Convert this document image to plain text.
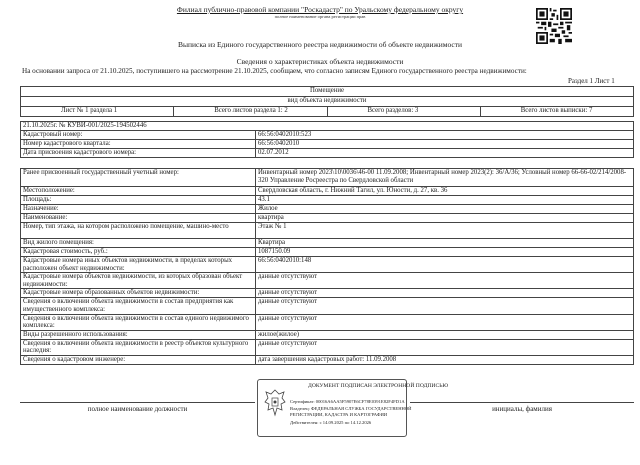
Филиал публично-правовой компании "Роскадастр" по Уральскому федеральному округу
полное наименование органа регистрации прав
Выписка из Единого государственного реестра недвижимости об объекте недвижимости
Сведения о характеристиках объекта недвижимости
На основании запроса от 21.10.2025, поступившего на рассмотрение 21.10.2025, сообщаем, что согласно записям Единого государственного реестра недвижимости:
Раздел 1 Лист 1
Помещение
вид объекта недвижимости
Лист № 1 раздела 1	Всего листов раздела 1: 2	Всего разделов: 3	Всего листов выписки: 7
21.10.2025г. № КУВИ-001/2025-194502446	
Кадастровый номер:	66:56:0402010:523
Номер кадастрового квартала:	66:56:0402010
Дата присвоения кадастрового номера:	02.07.2012
Ранее присвоенный государственный учетный номер:	Инвентарный номер 2023\10\0036\46-00 11.09.2008; Инвентарный номер 2023(2): 36/А/36; Условный номер 66-66-02/214/2008-320 Управление Росреестра по Свердловской области
Местоположение:	Свердловская область, г. Нижний Тагил, ул. Юности, д. 27, кв. 36
Площадь:	43.1
Назначение:	Жилое
Наименование:	квартира
Номер, тип этажа, на котором расположено помещение, машино-место	Этаж № 1
Вид жилого помещения:	Квартира
Кадастровая стоимость, руб.:	1087150.09
Кадастровые номера иных объектов недвижимости, в пределах которых расположен объект недвижимости:	66:56:0402010:148
Кадастровые номера объектов недвижимости, из которых образован объект недвижимости:	данные отсутствуют
Кадастровые номера образованных объектов недвижимости:	данные отсутствуют
Сведения о включении объекта недвижимости в состав предприятия как имущественного комплекса:	данные отсутствуют
Сведения о включении объекта недвижимости в состав единого недвижимого комплекса:	данные отсутствуют
Виды разрешенного использования:	жилое(жилое)
Сведения о включении объекта недвижимости в реестр объектов культурного наследия:	данные отсутствуют
Сведения о кадастровом инженере:	дата завершения кадастровых работ: 11.09.2008
полное наименование должности	инициалы, фамилия
ДОКУМЕНТ ПОДПИСАН ЭЛЕКТРОННОЙ ПОДПИСЬЮ
Сертификат: 00016A6AA5F5907E6CF78E0391E82F4FD1A
Владелец: ФЕДЕРАЛЬНАЯ СЛУЖБА ГОСУДАРСТВЕННОЙ
РЕГИСТРАЦИИ, КАДАСТРА И КАРТОГРАФИИ
Действителен: с 14.09.2025 по 14.12.2026
